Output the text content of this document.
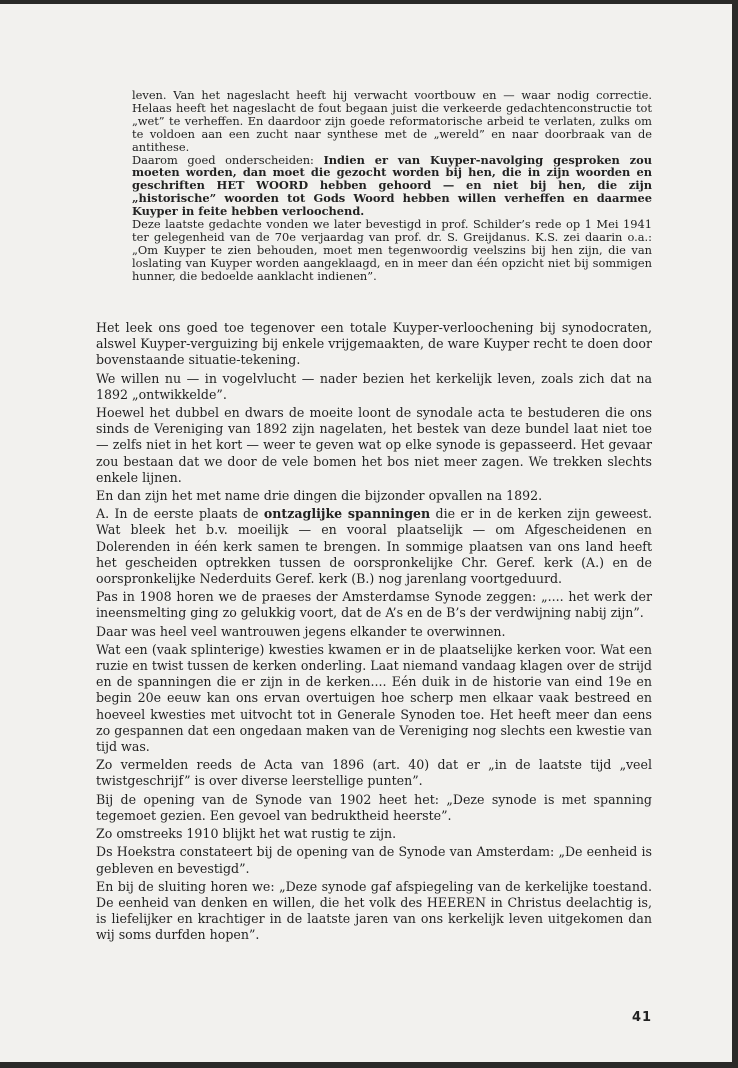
leven. Van het nageslacht heeft hij verwacht voortbouw en — waar nodig correctie. Helaas heeft het nageslacht de fout begaan juist die verkeerde gedachtenconstructie tot „wet” te verheffen. En daardoor zijn goede reformatorische arbeid te verlaten, zulks om te voldoen aan een zucht naar synthese met de „wereld” en naar doorbraak van de antithese.

Daarom goed onderscheiden: Indien er van Kuyper-navolging gesproken zou moeten worden, dan moet die gezocht worden bij hen, die in zijn woorden en geschriften HET WOORD hebben gehoord — en niet bij hen, die zijn „historische” woorden tot Gods Woord hebben willen verheffen en daarmee Kuyper in feite hebben verloochend.

Deze laatste gedachte vonden we later bevestigd in prof. Schilder’s rede op 1 Mei 1941 ter gelegenheid van de 70e verjaardag van prof. dr. S. Greijdanus. K.S. zei daarin o.a.: „Om Kuyper te zien behouden, moet men tegenwoordig veelszins bij hen zijn, die van loslating van Kuyper worden aangeklaagd, en in meer dan één opzicht niet bij sommigen hunner, die bedoelde aanklacht indienen”.

Het leek ons goed toe tegenover een totale Kuyper-verloochening bij synodocraten, alswel Kuyper-verguizing bij enkele vrijgemaakten, de ware Kuyper recht te doen door bovenstaande situatie-tekening.

We willen nu — in vogelvlucht — nader bezien het kerkelijk leven, zoals zich dat na 1892 „ontwikkelde”.

Hoewel het dubbel en dwars de moeite loont de synodale acta te bestuderen die ons sinds de Vereniging van 1892 zijn nagelaten, het bestek van deze bundel laat niet toe — zelfs niet in het kort — weer te geven wat op elke synode is gepasseerd. Het gevaar zou bestaan dat we door de vele bomen het bos niet meer zagen. We trekken slechts enkele lijnen.

En dan zijn het met name drie dingen die bijzonder opvallen na 1892.

A. In de eerste plaats de ontzaglijke spanningen die er in de kerken zijn geweest. Wat bleek het b.v. moeilijk — en vooral plaatselijk — om Afgescheidenen en Dolerenden in één kerk samen te brengen. In sommige plaatsen van ons land heeft het gescheiden optrekken tussen de oorspronkelijke Chr. Geref. kerk (A.) en de oorspronkelijke Nederduits Geref. kerk (B.) nog jarenlang voortgeduurd.

Pas in 1908 horen we de praeses der Amsterdamse Synode zeggen: „.... het werk der ineensmelting ging zo gelukkig voort, dat de A’s en de B’s der verdwijning nabij zijn”.

Daar was heel veel wantrouwen jegens elkander te overwinnen.

Wat een (vaak splinterige) kwesties kwamen er in de plaatselijke kerken voor. Wat een ruzie en twist tussen de kerken onderling. Laat niemand vandaag klagen over de strijd en de spanningen die er zijn in de kerken.... Eén duik in de historie van eind 19e en begin 20e eeuw kan ons ervan overtuigen hoe scherp men elkaar vaak bestreed en hoeveel kwesties met uitvocht tot in Generale Synoden toe. Het heeft meer dan eens zo gespannen dat een ongedaan maken van de Vereniging nog slechts een kwestie van tijd was.

Zo vermelden reeds de Acta van 1896 (art. 40) dat er „in de laatste tijd „veel twistgeschrijf” is over diverse leerstellige punten”.

Bij de opening van de Synode van 1902 heet het: „Deze synode is met spanning tegemoet gezien. Een gevoel van bedruktheid heerste”.

Zo omstreeks 1910 blijkt het wat rustig te zijn.

Ds Hoekstra constateert bij de opening van de Synode van Amsterdam: „De eenheid is gebleven en bevestigd”.

En bij de sluiting horen we: „Deze synode gaf afspiegeling van de kerkelijke toestand. De eenheid van denken en willen, die het volk des HEEREN in Christus deelachtig is, is liefelijker en krachtiger in de laatste jaren van ons kerkelijk leven uitgekomen dan wij soms durfden hopen”.

41
